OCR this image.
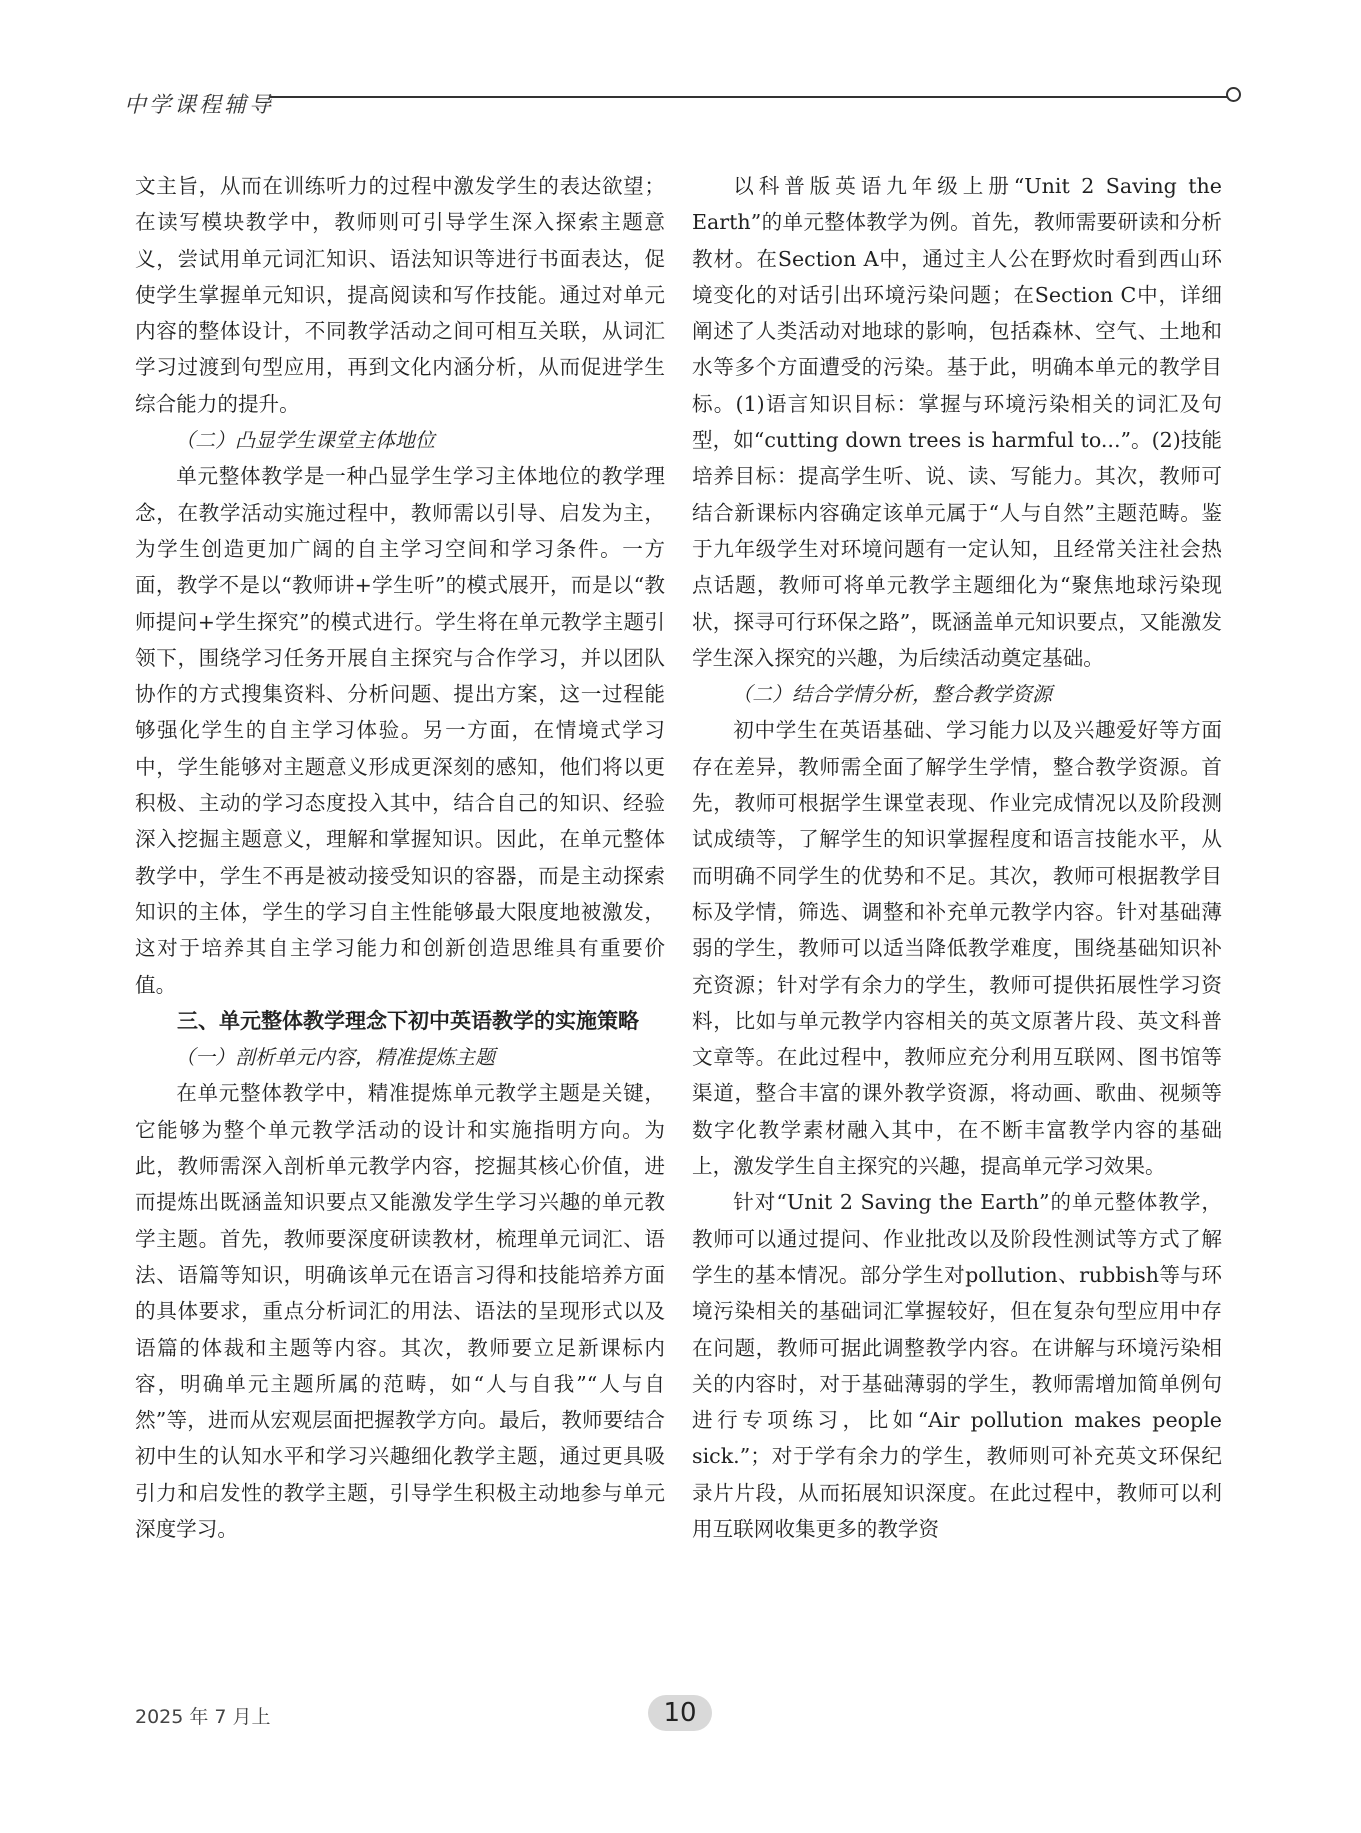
中学课程辅导

文主旨，从而在训练听力的过程中激发学生的表达欲望；在读写模块教学中，教师则可引导学生深入探索主题意义，尝试用单元词汇知识、语法知识等进行书面表达，促使学生掌握单元知识，提高阅读和写作技能。通过对单元内容的整体设计，不同教学活动之间可相互关联，从词汇学习过渡到句型应用，再到文化内涵分析，从而促进学生综合能力的提升。

（二）凸显学生课堂主体地位

单元整体教学是一种凸显学生学习主体地位的教学理念，在教学活动实施过程中，教师需以引导、启发为主，为学生创造更加广阔的自主学习空间和学习条件。一方面，教学不是以“教师讲+学生听”的模式展开，而是以“教师提问+学生探究”的模式进行。学生将在单元教学主题引领下，围绕学习任务开展自主探究与合作学习，并以团队协作的方式搜集资料、分析问题、提出方案，这一过程能够强化学生的自主学习体验。另一方面，在情境式学习中，学生能够对主题意义形成更深刻的感知，他们将以更积极、主动的学习态度投入其中，结合自己的知识、经验深入挖掘主题意义，理解和掌握知识。因此，在单元整体教学中，学生不再是被动接受知识的容器，而是主动探索知识的主体，学生的学习自主性能够最大限度地被激发，这对于培养其自主学习能力和创新创造思维具有重要价值。

三、单元整体教学理念下初中英语教学的实施策略

（一）剖析单元内容，精准提炼主题

在单元整体教学中，精准提炼单元教学主题是关键，它能够为整个单元教学活动的设计和实施指明方向。为此，教师需深入剖析单元教学内容，挖掘其核心价值，进而提炼出既涵盖知识要点又能激发学生学习兴趣的单元教学主题。首先，教师要深度研读教材，梳理单元词汇、语法、语篇等知识，明确该单元在语言习得和技能培养方面的具体要求，重点分析词汇的用法、语法的呈现形式以及语篇的体裁和主题等内容。其次，教师要立足新课标内容，明确单元主题所属的范畴，如“人与自我”“人与自然”等，进而从宏观层面把握教学方向。最后，教师要结合初中生的认知水平和学习兴趣细化教学主题，通过更具吸引力和启发性的教学主题，引导学生积极主动地参与单元深度学习。

以科普版英语九年级上册“Unit 2 Saving the Earth”的单元整体教学为例。首先，教师需要研读和分析教材。在Section A中，通过主人公在野炊时看到西山环境变化的对话引出环境污染问题；在Section C中，详细阐述了人类活动对地球的影响，包括森林、空气、土地和水等多个方面遭受的污染。基于此，明确本单元的教学目标。(1)语言知识目标：掌握与环境污染相关的词汇及句型，如“cutting down trees is harmful to...”。(2)技能培养目标：提高学生听、说、读、写能力。其次，教师可结合新课标内容确定该单元属于“人与自然”主题范畴。鉴于九年级学生对环境问题有一定认知，且经常关注社会热点话题，教师可将单元教学主题细化为“聚焦地球污染现状，探寻可行环保之路”，既涵盖单元知识要点，又能激发学生深入探究的兴趣，为后续活动奠定基础。

（二）结合学情分析，整合教学资源

初中学生在英语基础、学习能力以及兴趣爱好等方面存在差异，教师需全面了解学生学情，整合教学资源。首先，教师可根据学生课堂表现、作业完成情况以及阶段测试成绩等，了解学生的知识掌握程度和语言技能水平，从而明确不同学生的优势和不足。其次，教师可根据教学目标及学情，筛选、调整和补充单元教学内容。针对基础薄弱的学生，教师可以适当降低教学难度，围绕基础知识补充资源；针对学有余力的学生，教师可提供拓展性学习资料，比如与单元教学内容相关的英文原著片段、英文科普文章等。在此过程中，教师应充分利用互联网、图书馆等渠道，整合丰富的课外教学资源，将动画、歌曲、视频等数字化教学素材融入其中，在不断丰富教学内容的基础上，激发学生自主探究的兴趣，提高单元学习效果。

针对“Unit 2 Saving the Earth”的单元整体教学，教师可以通过提问、作业批改以及阶段性测试等方式了解学生的基本情况。部分学生对pollution、rubbish等与环境污染相关的基础词汇掌握较好，但在复杂句型应用中存在问题，教师可据此调整教学内容。在讲解与环境污染相关的内容时，对于基础薄弱的学生，教师需增加简单例句进行专项练习，比如“Air pollution makes people sick.”；对于学有余力的学生，教师则可补充英文环保纪录片片段，从而拓展知识深度。在此过程中，教师可以利用互联网收集更多的教学资

2025 年 7 月上	10
